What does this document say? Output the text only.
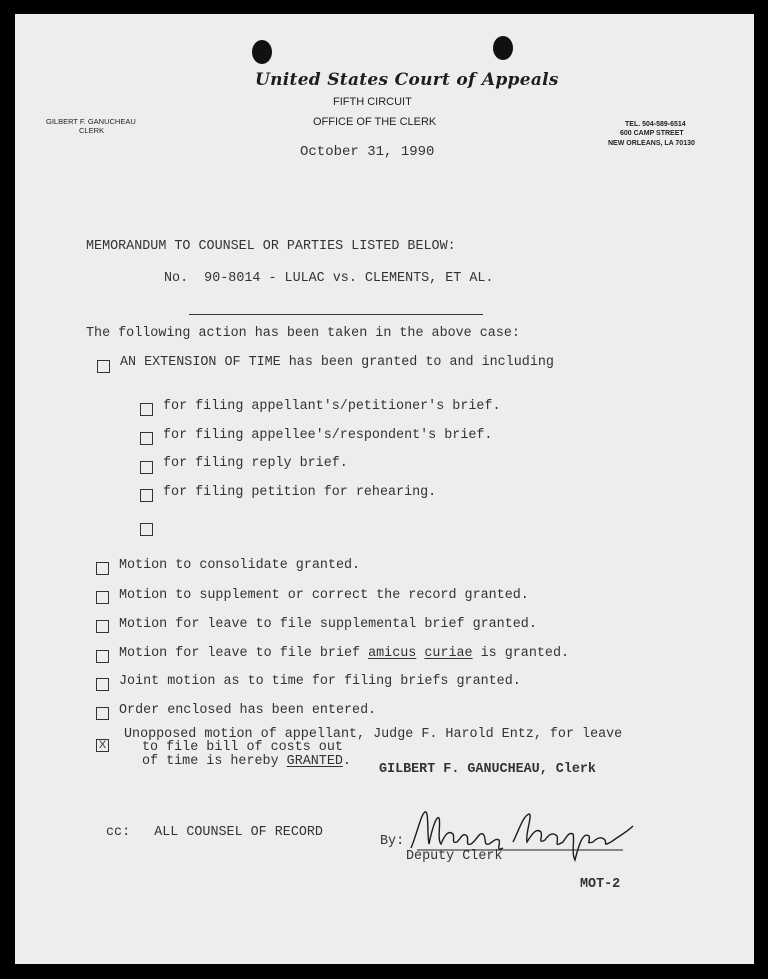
United States Court of Appeals
FIFTH CIRCUIT
OFFICE OF THE CLERK
October 31, 1990
GILBERT F. GANUCHEAU
CLERK
TEL. 504-589-6514
600 CAMP STREET
NEW ORLEANS, LA 70130
MEMORANDUM TO COUNSEL OR PARTIES LISTED BELOW:
No.  90-8014 - LULAC vs. CLEMENTS, ET AL.
The following action has been taken in the above case:
AN EXTENSION OF TIME has been granted to and including
for filing appellant's/petitioner's brief.
for filing appellee's/respondent's brief.
for filing reply brief.
for filing petition for rehearing.
Motion to consolidate granted.
Motion to supplement or correct the record granted.
Motion for leave to file supplemental brief granted.
Motion for leave to file brief amicus curiae is granted.
Joint motion as to time for filing briefs granted.
Order enclosed has been entered.
X
Unopposed motion of appellant, Judge F. Harold Entz, for leave
to file bill of costs out
of time is hereby GRANTED.
GILBERT F. GANUCHEAU, Clerk
cc:   ALL COUNSEL OF RECORD
By:
Deputy Clerk
MOT-2
